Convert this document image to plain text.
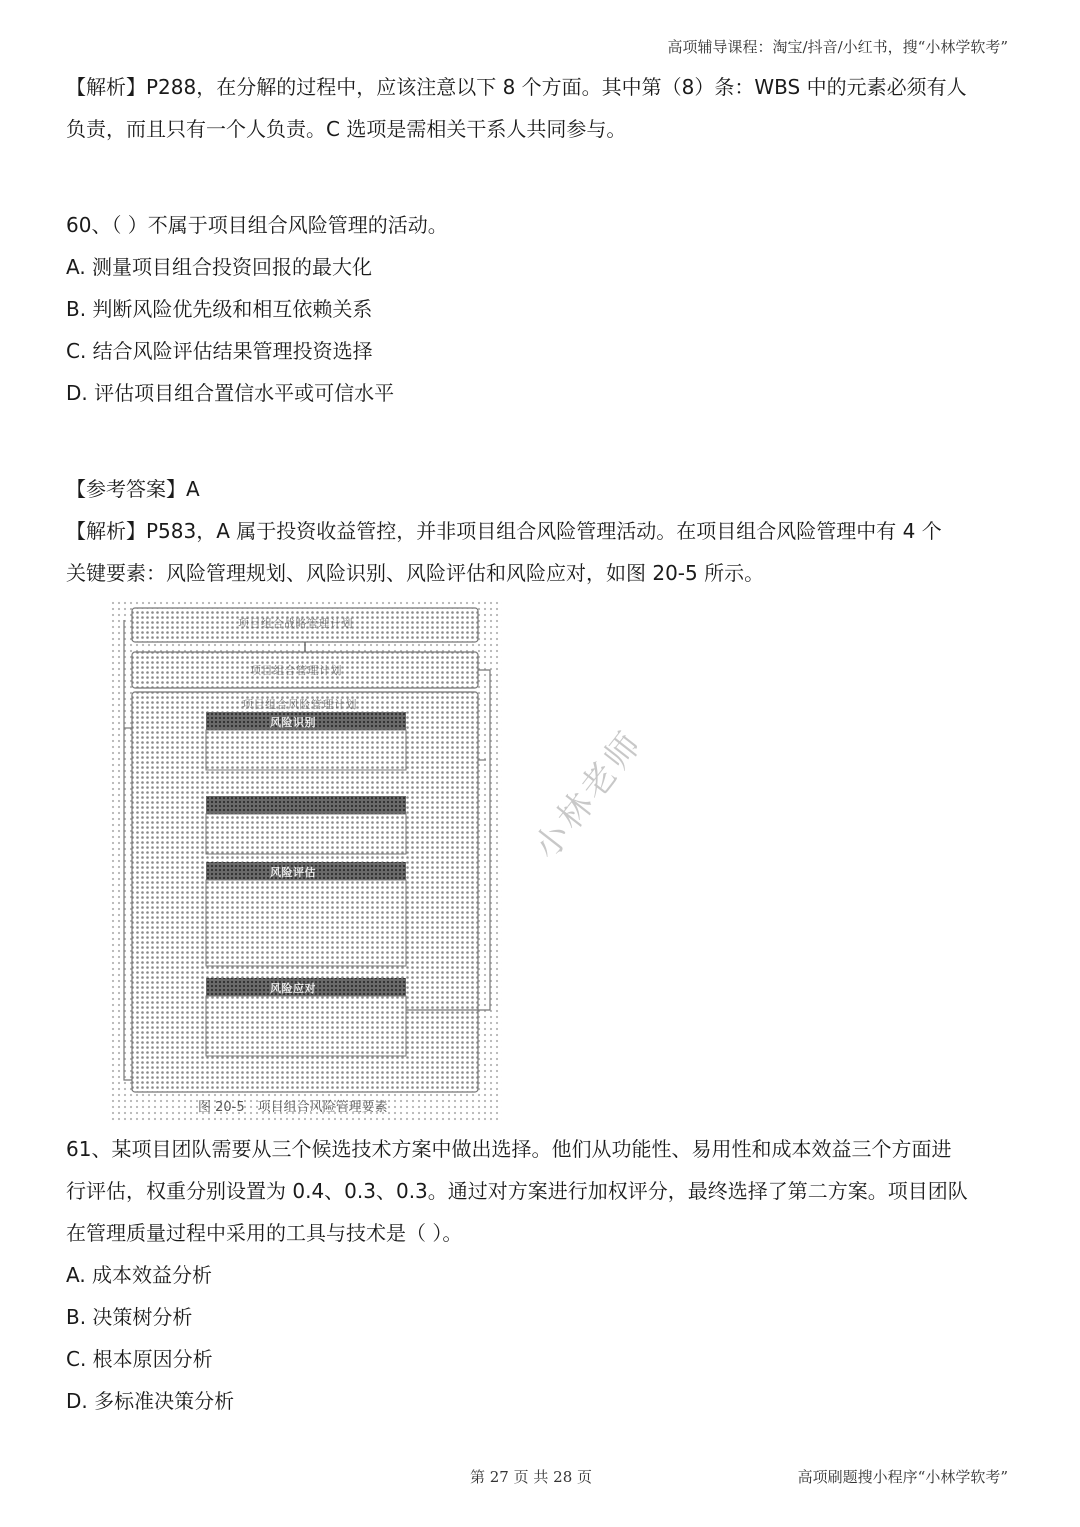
高项辅导课程：淘宝/抖音/小红书，搜“小林学软考”
【解析】P288，在分解的过程中，应该注意以下 8 个方面。其中第（8）条：WBS 中的元素必须有人
负责，而且只有一个人负责。C 选项是需相关干系人共同参与。
60、（ ）不属于项目组合风险管理的活动。
A. 测量项目组合投资回报的最大化
B. 判断风险优先级和相互依赖关系
C. 结合风险评估结果管理投资选择
D. 评估项目组合置信水平或可信水平
【参考答案】A
【解析】P583，A 属于投资收益管控，并非项目组合风险管理活动。在项目组合风险管理中有 4 个
关键要素：风险管理规划、风险识别、风险评估和风险应对，如图 20-5 所示。
项目组合战略管理计划
项目组合管理计划
项目组合风险管理计划
风险识别
风险评估
风险应对
小林老师
图 20-5　项目组合风险管理要素
61、某项目团队需要从三个候选技术方案中做出选择。他们从功能性、易用性和成本效益三个方面进
行评估，权重分别设置为 0.4、0.3、0.3。通过对方案进行加权评分，最终选择了第二方案。项目团队
在管理质量过程中采用的工具与技术是（ ）。
A. 成本效益分析
B. 决策树分析
C. 根本原因分析
D. 多标准决策分析
第 27 页 共 28 页	高项刷题搜小程序“小林学软考”
